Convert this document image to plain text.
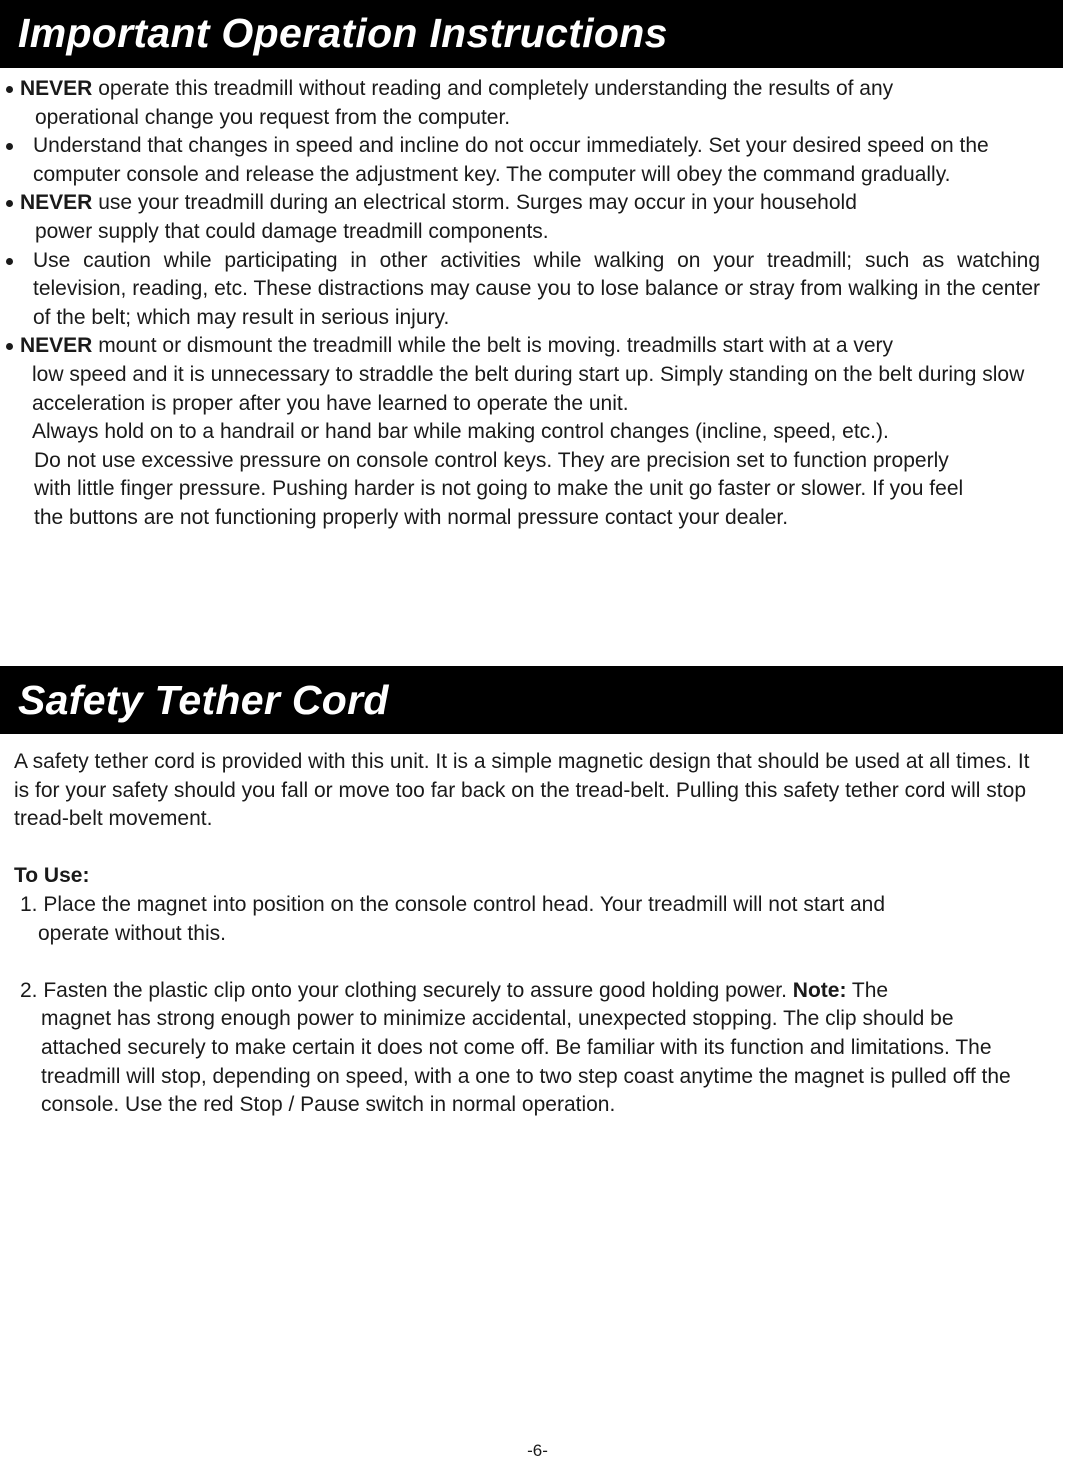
Important Operation Instructions
NEVER operate this treadmill without reading and completely understanding the results of any
operational change you request from the computer.
Understand that changes in speed and incline do not occur immediately. Set your desired speed on the computer console and release the adjustment key. The computer will obey the command gradually.
NEVER use your treadmill during an electrical storm. Surges may occur in your household
power supply that could damage treadmill components.
Use caution while participating in other activities while walking on your treadmill; such as watching television, reading, etc. These distractions may cause you to lose balance or stray from walking in the center of the belt; which may result in serious injury.
NEVER mount or dismount the treadmill while the belt is moving. treadmills start with at a very
low speed and it is unnecessary to straddle the belt during start up. Simply standing on the belt during slow acceleration is proper after you have learned to operate the unit.
Always hold on to a handrail or hand bar while making control changes (incline, speed, etc.).
Do not use excessive pressure on console control keys. They are precision set to function properly with little finger pressure. Pushing harder is not going to make the unit go faster or slower. If you feel the buttons are not functioning properly with normal pressure contact your dealer.
Safety Tether Cord

A safety tether cord is provided with this unit. It is a simple magnetic design that should be used at all times. It is for your safety should you fall or move too far back on the tread-belt. Pulling this safety tether cord will stop tread-belt movement.

To Use:

1. Place the magnet into position on the console control head. Your treadmill will not start and
operate without this.
2. Fasten the plastic clip onto your clothing securely to assure good holding power. Note: The
magnet has strong enough power to minimize accidental, unexpected stopping. The clip should be attached securely to make certain it does not come off. Be familiar with its function and limitations. The treadmill will stop, depending on speed, with a one to two step coast anytime the magnet is pulled off the console. Use the red Stop / Pause switch in normal operation.
-6-
